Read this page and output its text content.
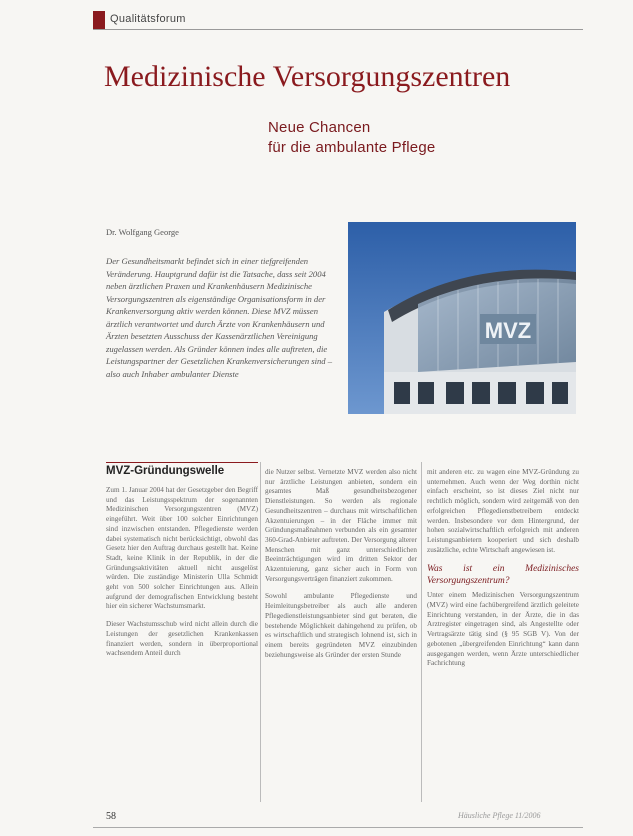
Qualitätsforum
Medizinische Versorgungszentren
Neue Chancen
für die ambulante Pflege
Dr. Wolfgang George

Der Gesundheitsmarkt befindet sich in einer tiefgreifenden Veränderung. Hauptgrund dafür ist die Tatsache, dass seit 2004 neben ärztlichen Praxen und Krankenhäusern Medizinische Versorgungszentren als eigenständige Organisationsform in der Krankenversorgung aktiv werden können. Diese MVZ müssen ärztlich verantwortet und durch Ärzte von Krankenhäusern und Ärzten besetzten Ausschuss der Kassenärztlichen Vereinigung zugelassen werden. Als Gründer können indes alle auftreten, die Leistungspartner der Gesetzlichen Krankenversicherungen sind – also auch Inhaber ambulanter Dienste

MVZ
MVZ-Gründungswelle

Zum 1. Januar 2004 hat der Gesetzgeber den Begriff und das Leistungsspektrum der sogenannten Medizinischen Versorgungszentren (MVZ) eingeführt. Weit über 100 solcher Einrichtungen sind inzwischen entstanden. Pflegedienste werden dabei systematisch nicht berücksichtigt, obwohl das Gesetz hier den Auftrag durchaus gestellt hat. Keine Stadt, keine Klinik in der Republik, in der die Gründungsaktivitäten aktuell nicht ausgelöst würden. Die zuständige Ministerin Ulla Schmidt geht von 500 solcher Einrichtungen aus. Allein aufgrund der demografischen Entwicklung besteht hier ein sicherer Wachstumsmarkt.

Dieser Wachstumsschub wird nicht allein durch die Leistungen der gesetzlichen Krankenkassen finanziert werden, sondern in überproportional wachsendem Anteil durch

die Nutzer selbst. Vernetzte MVZ werden also nicht nur ärztliche Leistungen anbieten, sondern ein gesamtes Maß gesundheitsbezogener Dienstleistungen. So werden als regionale Gesundheitszentren – durchaus mit wirtschaftlichen Akzentuierungen – in der Fläche immer mit Gründungsmaßnahmen verbunden als ein gesamter 360-Grad-Anbieter auftreten. Der Versorgung alterer Menschen mit ganz unterschiedlichen Beeinträchtigungen wird im dritten Sektor der Akzentuierung, ganz sicher auch in Form von Versorgungsverträgen finanziert zukommen.

Sowohl ambulante Pflegedienste und Heimleitungsbetreiber als auch alle anderen Pflegedienstleistungsanbieter sind gut beraten, die bestehende Möglichkeit dahingehend zu prüfen, ob es wirtschaftlich und strategisch lohnend ist, sich in einem bereits gegründeten MVZ einzubinden beziehungsweise als Gründer der ersten Stunde

mit anderen etc. zu wagen eine MVZ-Gründung zu unternehmen. Auch wenn der Weg dorthin nicht einfach erscheint, so ist dieses Ziel nicht nur rechtlich möglich, sondern wird zeitgemäß von den erfolgreichen Pflegedienstbetreibern entdeckt werden. Insbesondere vor dem Hintergrund, der hohen sozialwirtschaftlich erfolgreich mit anderen Leistungsanbietern kooperiert und sich deshalb zusätzliche, echte Wirtschaft angewiesen ist.

Was ist ein Medizinisches Versorgungszentrum?

Unter einem Medizinischen Versorgungszentrum (MVZ) wird eine fachübergreifend ärztlich geleitete Einrichtung verstanden, in der Ärzte, die in das Arztregister eingetragen sind, als Angestellte oder Vertragsärzte tätig sind (§ 95 SGB V). Von der gebotenen „übergreifenden Einrichtung“ kann dann ausgegangen werden, wenn Ärzte unterschiedlicher Fachrichtung

58	Häusliche Pflege 11/2006
